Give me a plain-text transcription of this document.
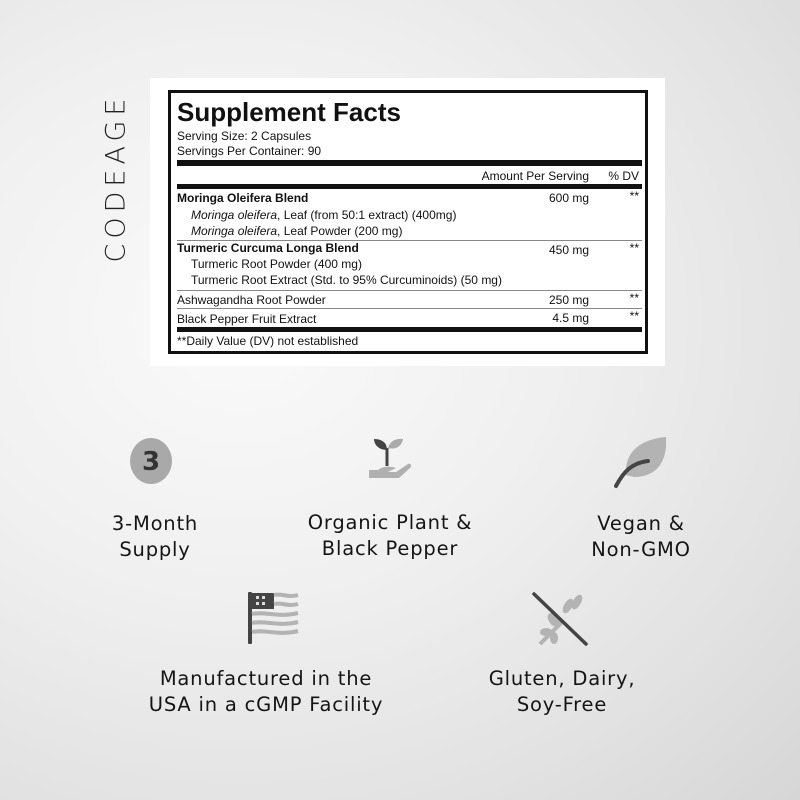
CODEAGE Supplement Facts
Serving Size: 2 Capsules
Servings Per Container: 90
Amount Per Serving % DV
Moringa Oleifera Blend	600 mg	**
Moringa oleifera, Leaf (from 50:1 extract) (400mg)
Moringa oleifera, Leaf Powder (200 mg)
Turmeric Curcuma Longa Blend	450 mg	**
Turmeric Root Powder (400 mg)
Turmeric Root Extract (Std. to 95% Curcuminoids) (50 mg)
Ashwagandha Root Powder	250 mg	**
Black Pepper Fruit Extract	4.5 mg	**
**Daily Value (DV) not established
3
3-Month
Supply
Organic Plant &
Black Pepper
Vegan &
Non-GMO
Manufactured in the
USA in a cGMP Facility
Gluten, Dairy,
Soy-Free
